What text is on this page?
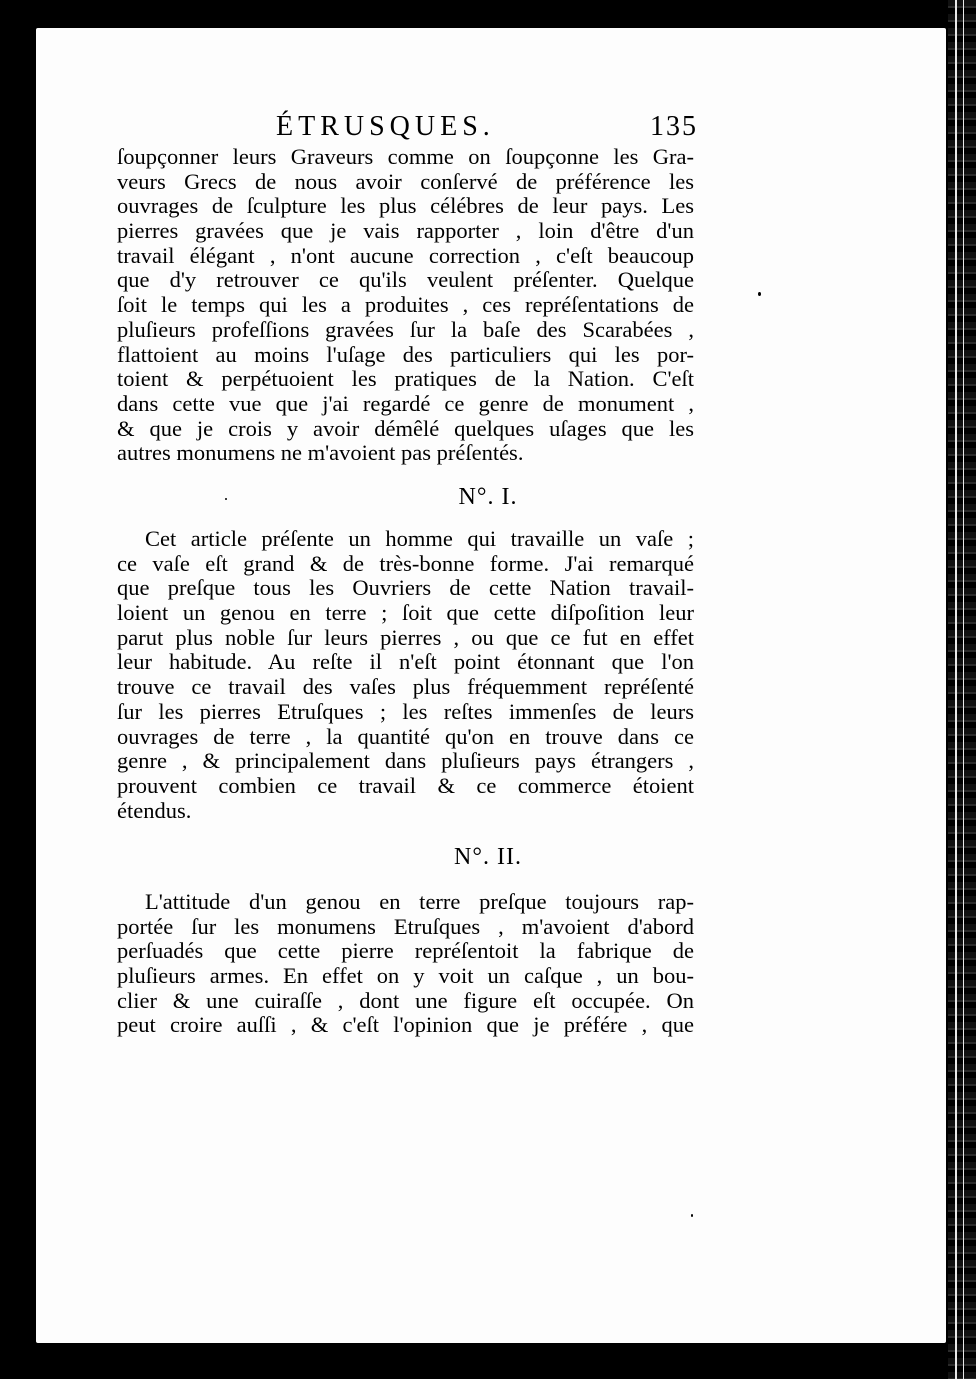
ÉTRUSQUES.	135
ſoupçonner leurs Graveurs comme on ſoupçonne les Gra-
veurs Grecs de nous avoir conſervé de préférence les
ouvrages de ſculpture les plus célébres de leur pays. Les
pierres gravées que je vais rapporter , loin d'être d'un
travail élégant , n'ont aucune correction , c'eſt beaucoup
que d'y retrouver ce qu'ils veulent préſenter. Quelque
ſoit le temps qui les a produites , ces repréſentations de
pluſieurs profeſſions gravées ſur la baſe des Scarabées ,
flattoient au moins l'uſage des particuliers qui les por-
toient & perpétuoient les pratiques de la Nation. C'eſt
dans cette vue que j'ai regardé ce genre de monument ,
& que je crois y avoir démêlé quelques uſages que les
autres monumens ne m'avoient pas préſentés.
N°. I.
Cet article préſente un homme qui travaille un vaſe ;
ce vaſe eſt grand & de très-bonne forme. J'ai remarqué
que preſque tous les Ouvriers de cette Nation travail-
loient un genou en terre ; ſoit que cette diſpoſition leur
parut plus noble ſur leurs pierres , ou que ce fut en effet
leur habitude. Au reſte il n'eſt point étonnant que l'on
trouve ce travail des vaſes plus fréquemment repréſenté
ſur les pierres Etruſques ; les reſtes immenſes de leurs
ouvrages de terre , la quantité qu'on en trouve dans ce
genre , & principalement dans pluſieurs pays étrangers ,
prouvent combien ce travail & ce commerce étoient
étendus.
N°. II.
L'attitude d'un genou en terre preſque toujours rap-
portée ſur les monumens Etruſques , m'avoient d'abord
perſuadés que cette pierre repréſentoit la fabrique de
pluſieurs armes. En effet on y voit un caſque , un bou-
clier & une cuiraſſe , dont une figure eſt occupée. On
peut croire auſſi , & c'eſt l'opinion que je préfére , que
